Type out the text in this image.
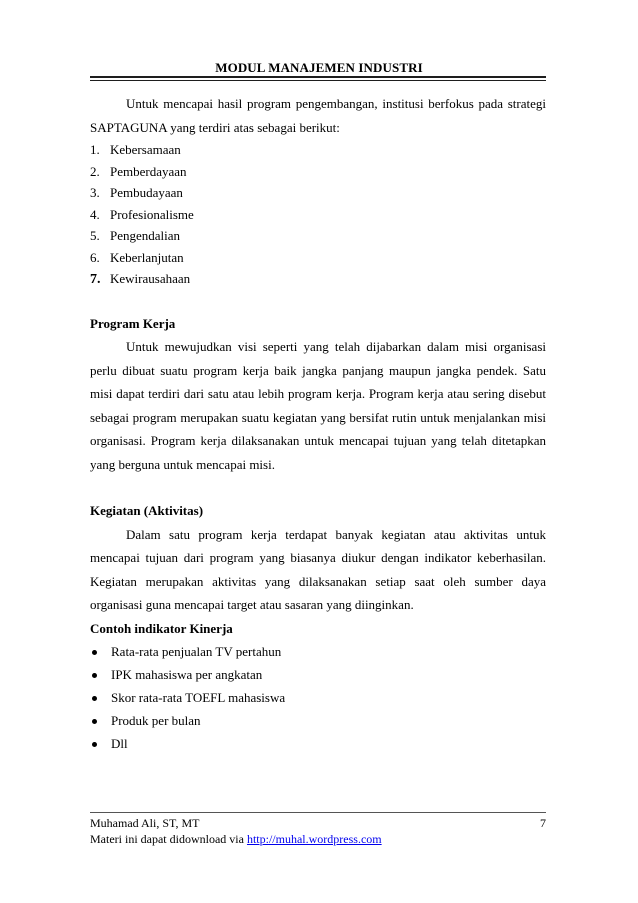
MODUL MANAJEMEN INDUSTRI

Untuk mencapai hasil program pengembangan, institusi berfokus pada strategi SAPTAGUNA yang terdiri atas sebagai berikut:

1. Kebersamaan
2. Pemberdayaan
3. Pembudayaan
4. Profesionalisme
5. Pengendalian
6. Keberlanjutan
7. Kewirausahaan

Program Kerja

Untuk mewujudkan visi seperti yang telah dijabarkan dalam misi organisasi perlu dibuat suatu program kerja baik jangka panjang maupun jangka pendek. Satu misi dapat terdiri dari satu atau lebih program kerja. Program kerja atau sering disebut sebagai program merupakan suatu kegiatan yang bersifat rutin untuk menjalankan misi organisasi. Program kerja dilaksanakan untuk mencapai tujuan yang telah ditetapkan yang berguna untuk mencapai misi.

Kegiatan (Aktivitas)

Dalam satu program kerja terdapat banyak kegiatan atau aktivitas untuk mencapai tujuan dari program yang biasanya diukur dengan indikator keberhasilan. Kegiatan merupakan aktivitas yang dilaksanakan setiap saat oleh sumber daya organisasi guna mencapai target atau sasaran yang diinginkan.

Contoh indikator Kinerja

Rata-rata penjualan TV pertahun
IPK mahasiswa per angkatan
Skor rata-rata TOEFL mahasiswa
Produk per bulan
Dll
Muhamad Ali, ST, MT	7
Materi ini dapat didownload via http://muhal.wordpress.com
